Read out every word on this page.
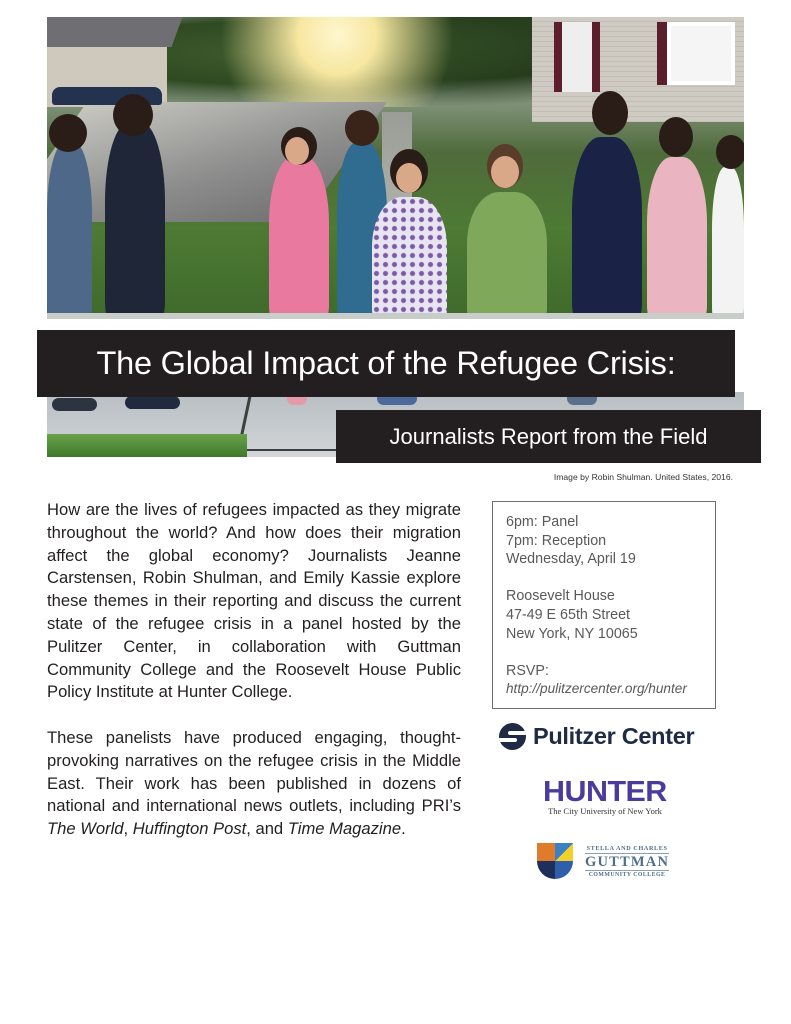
The Global Impact of the Refugee Crisis:
Journalists Report from the Field
Image by Robin Shulman. United States, 2016.

How are the lives of refugees impacted as they migrate throughout the world? And how does their migration affect the global economy? Journalists Jeanne Carstensen, Robin Shulman, and Emily Kassie explore these themes in their reporting and discuss the current state of the refugee crisis in a panel hosted by the Pulitzer Center, in collaboration with Guttman Community College and the Roosevelt House Public Policy Institute at Hunter College.

These panelists have produced engaging, thought-provoking narratives on the refugee crisis in the Middle East. Their work has been published in dozens of national and international news outlets, including PRI’s The World, Huffington Post, and Time Magazine.

6pm: Panel
7pm: Reception
Wednesday, April 19
Roosevelt House
47-49 E 65th Street
New York, NY 10065
RSVP:
http://pulitzercenter.org/hunter
Pulitzer Center
HUNTER
The City University of New York
STELLA AND CHARLES
GUTTMAN
COMMUNITY COLLEGE
